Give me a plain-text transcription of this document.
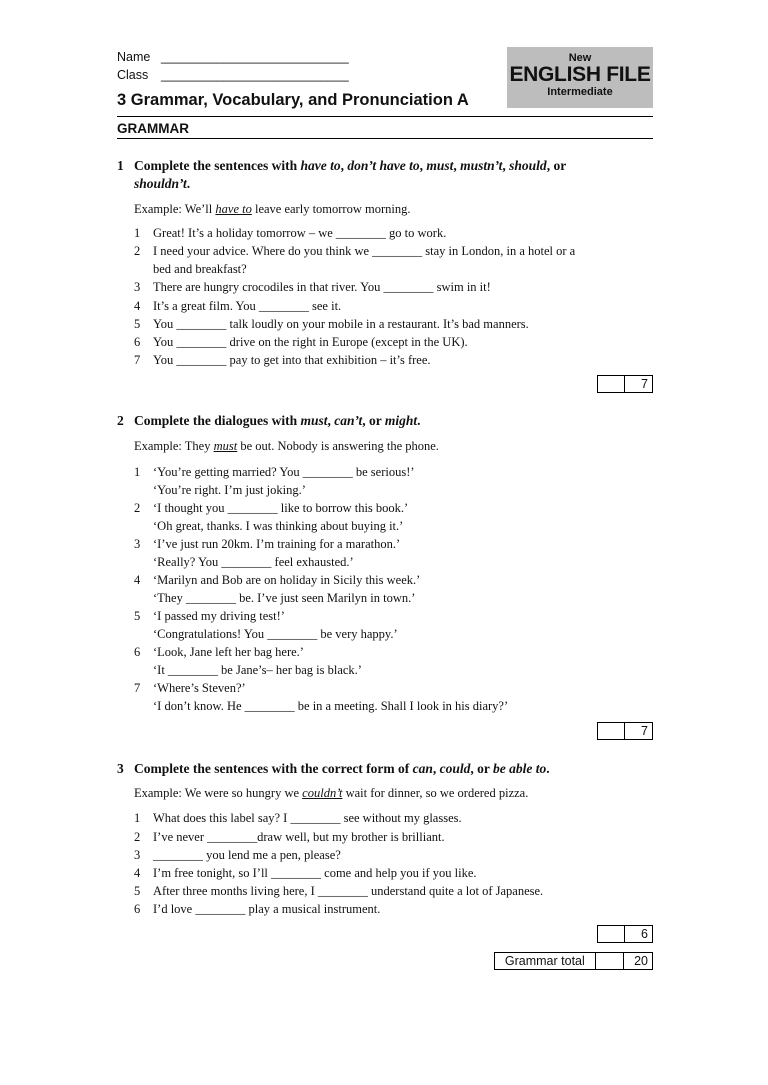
Name ___________________________
Class ___________________________
New
ENGLISH FILE
Intermediate
3 Grammar, Vocabulary, and Pronunciation A
GRAMMAR
1 Complete the sentences with have to, don’t have to, must, mustn’t, should, or
shouldn’t.
Example: We’ll have to leave early tomorrow morning.
1 Great! It’s a holiday tomorrow – we ________ go to work.
2 I need your advice. Where do you think we ________ stay in London, in a hotel or a
bed and breakfast?
3 There are hungry crocodiles in that river. You ________ swim in it!
4 It’s a great film. You ________ see it.
5 You ________ talk loudly on your mobile in a restaurant. It’s bad manners.
6 You ________ drive on the right in Europe (except in the UK).
7 You ________ pay to get into that exhibition – it’s free.
7
2 Complete the dialogues with must, can’t, or might.
Example: They must be out. Nobody is answering the phone.
1 ‘You’re getting married? You ________ be serious!’
‘You’re right. I’m just joking.’
2 ‘I thought you ________ like to borrow this book.’
‘Oh great, thanks. I was thinking about buying it.’
3 ‘I’ve just run 20km. I’m training for a marathon.’
‘Really? You ________ feel exhausted.’
4 ‘Marilyn and Bob are on holiday in Sicily this week.’
‘They ________ be. I’ve just seen Marilyn in town.’
5 ‘I passed my driving test!’
‘Congratulations! You ________ be very happy.’
6 ‘Look, Jane left her bag here.’
‘It ________ be Jane’s– her bag is black.’
7 ‘Where’s Steven?’
‘I don’t know. He ________ be in a meeting. Shall I look in his diary?’
7
3 Complete the sentences with the correct form of can, could, or be able to.
Example: We were so hungry we couldn’t wait for dinner, so we ordered pizza.
1 What does this label say? I ________ see without my glasses.
2 I’ve never ________draw well, but my brother is brilliant.
3 ________ you lend me a pen, please?
4 I’m free tonight, so I’ll ________ come and help you if you like.
5 After three months living here, I ________ understand quite a lot of Japanese.
6 I’d love ________ play a musical instrument.
6
Grammar total	20
